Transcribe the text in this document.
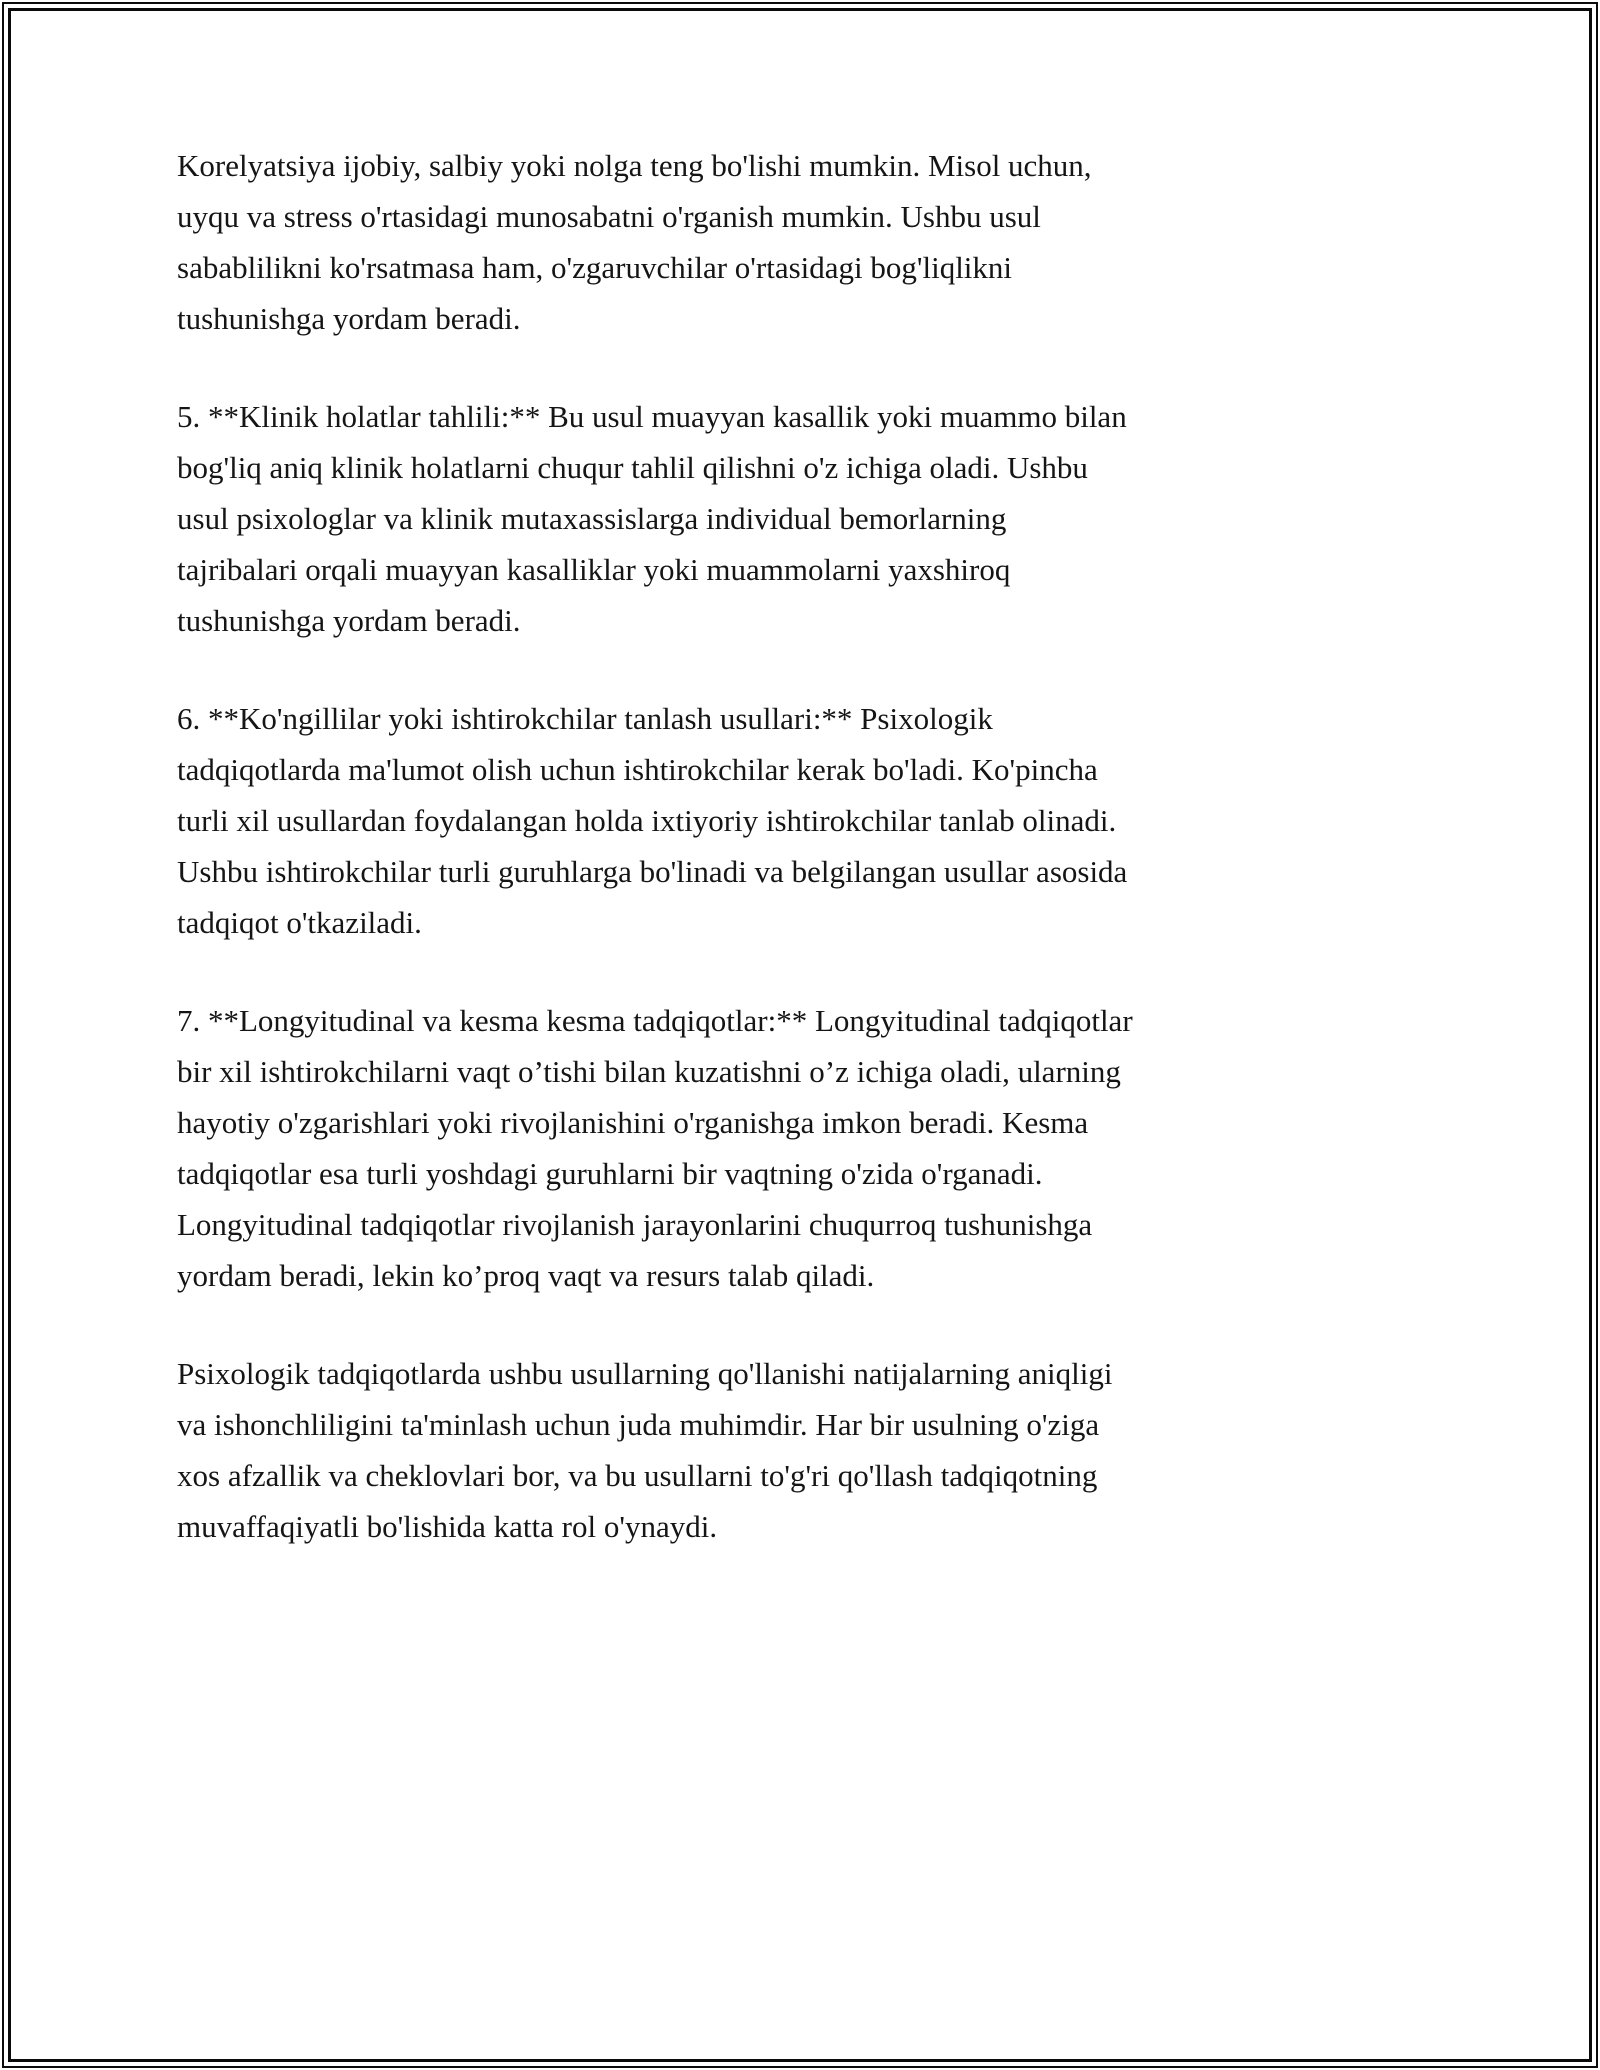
Korelyatsiya ijobiy, salbiy yoki nolga teng bo'lishi mumkin. Misol uchun,
uyqu va stress o'rtasidagi munosabatni o'rganish mumkin. Ushbu usul
sabablilikni ko'rsatmasa ham, o'zgaruvchilar o'rtasidagi bog'liqlikni
tushunishga yordam beradi.

5. **Klinik holatlar tahlili:** Bu usul muayyan kasallik yoki muammo bilan
bog'liq aniq klinik holatlarni chuqur tahlil qilishni o'z ichiga oladi. Ushbu
usul psixologlar va klinik mutaxassislarga individual bemorlarning
tajribalari orqali muayyan kasalliklar yoki muammolarni yaxshiroq
tushunishga yordam beradi.

6. **Ko'ngillilar yoki ishtirokchilar tanlash usullari:** Psixologik
tadqiqotlarda ma'lumot olish uchun ishtirokchilar kerak bo'ladi. Ko'pincha
turli xil usullardan foydalangan holda ixtiyoriy ishtirokchilar tanlab olinadi.
Ushbu ishtirokchilar turli guruhlarga bo'linadi va belgilangan usullar asosida
tadqiqot o'tkaziladi.

7. **Longyitudinal va kesma kesma tadqiqotlar:** Longyitudinal tadqiqotlar
bir xil ishtirokchilarni vaqt o’tishi bilan kuzatishni o’z ichiga oladi, ularning
hayotiy o'zgarishlari yoki rivojlanishini o'rganishga imkon beradi. Kesma
tadqiqotlar esa turli yoshdagi guruhlarni bir vaqtning o'zida o'rganadi.
Longyitudinal tadqiqotlar rivojlanish jarayonlarini chuqurroq tushunishga
yordam beradi, lekin ko’proq vaqt va resurs talab qiladi.

Psixologik tadqiqotlarda ushbu usullarning qo'llanishi natijalarning aniqligi
va ishonchliligini ta'minlash uchun juda muhimdir. Har bir usulning o'ziga
xos afzallik va cheklovlari bor, va bu usullarni to'g'ri qo'llash tadqiqotning
muvaffaqiyatli bo'lishida katta rol o'ynaydi.
